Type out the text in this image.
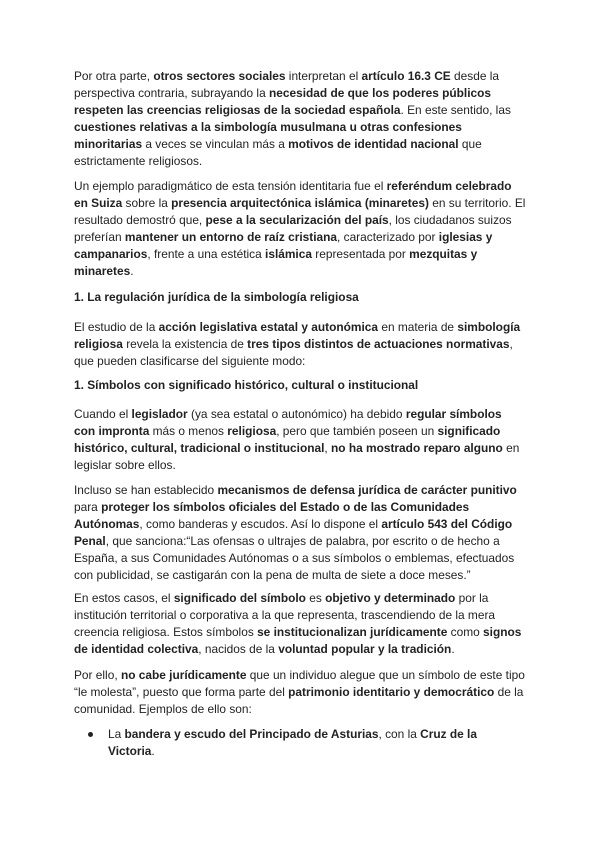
Por otra parte, otros sectores sociales interpretan el artículo 16.3 CE desde la perspectiva contraria, subrayando la necesidad de que los poderes públicos respeten las creencias religiosas de la sociedad española. En este sentido, las cuestiones relativas a la simbología musulmana u otras confesiones minoritarias a veces se vinculan más a motivos de identidad nacional que estrictamente religiosos.

Un ejemplo paradigmático de esta tensión identitaria fue el referéndum celebrado en Suiza sobre la presencia arquitectónica islámica (minaretes) en su territorio. El resultado demostró que, pese a la secularización del país, los ciudadanos suizos preferían mantener un entorno de raíz cristiana, caracterizado por iglesias y campanarios, frente a una estética islámica representada por mezquitas y minaretes.

1. La regulación jurídica de la simbología religiosa

El estudio de la acción legislativa estatal y autonómica en materia de simbología religiosa revela la existencia de tres tipos distintos de actuaciones normativas, que pueden clasificarse del siguiente modo:

1. Símbolos con significado histórico, cultural o institucional

Cuando el legislador (ya sea estatal o autonómico) ha debido regular símbolos con impronta más o menos religiosa, pero que también poseen un significado histórico, cultural, tradicional o institucional, no ha mostrado reparo alguno en legislar sobre ellos.

Incluso se han establecido mecanismos de defensa jurídica de carácter punitivo para proteger los símbolos oficiales del Estado o de las Comunidades Autónomas, como banderas y escudos. Así lo dispone el artículo 543 del Código Penal, que sanciona:“Las ofensas o ultrajes de palabra, por escrito o de hecho a España, a sus Comunidades Autónomas o a sus símbolos o emblemas, efectuados con publicidad, se castigarán con la pena de multa de siete a doce meses.”

En estos casos, el significado del símbolo es objetivo y determinado por la institución territorial o corporativa a la que representa, trascendiendo de la mera creencia religiosa. Estos símbolos se institucionalizan jurídicamente como signos de identidad colectiva, nacidos de la voluntad popular y la tradición.

Por ello, no cabe jurídicamente que un individuo alegue que un símbolo de este tipo “le molesta”, puesto que forma parte del patrimonio identitario y democrático de la comunidad. Ejemplos de ello son:

La bandera y escudo del Principado de Asturias, con la Cruz de la Victoria.
